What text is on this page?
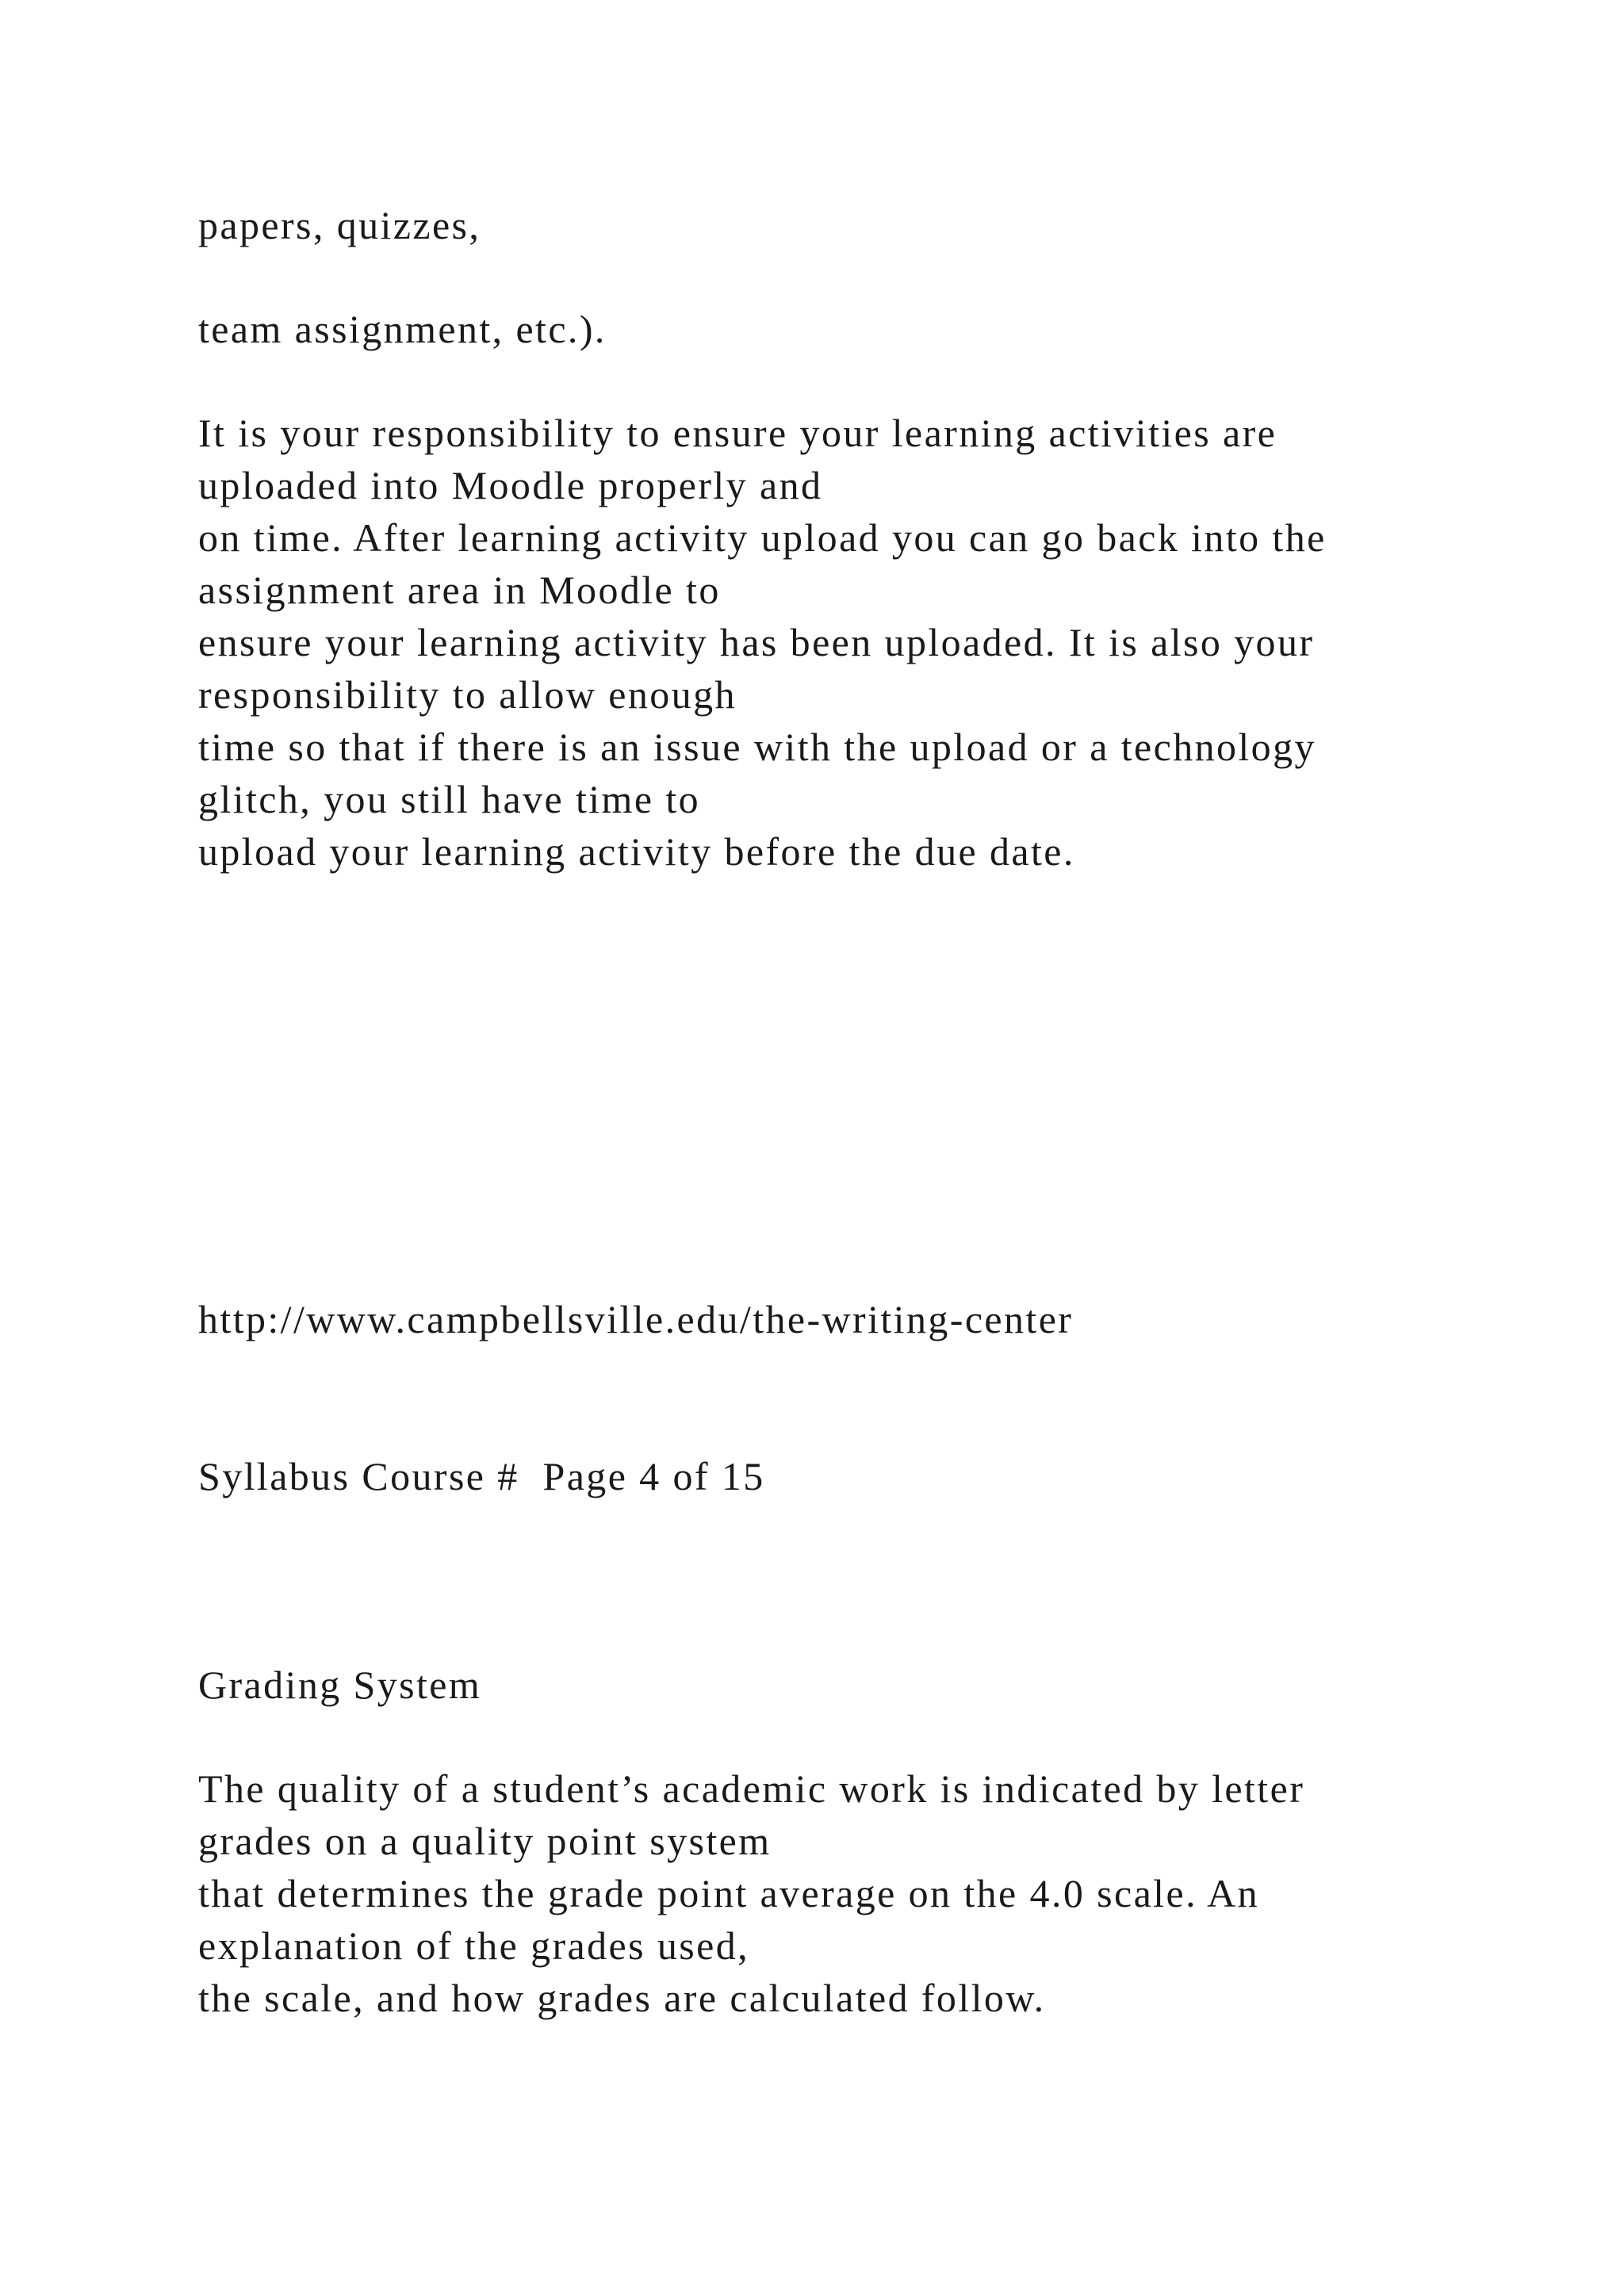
papers, quizzes,

team assignment, etc.).

It is your responsibility to ensure your learning activities are

uploaded into Moodle properly and

on time. After learning activity upload you can go back into the

assignment area in Moodle to

ensure your learning activity has been uploaded. It is also your

responsibility to allow enough

time so that if there is an issue with the upload or a technology

glitch, you still have time to

upload your learning activity before the due date.

http://www.campbellsville.edu/the-writing-center

Syllabus Course #  Page 4 of 15

Grading System

The quality of a student’s academic work is indicated by letter

grades on a quality point system

that determines the grade point average on the 4.0 scale. An

explanation of the grades used,

the scale, and how grades are calculated follow.
